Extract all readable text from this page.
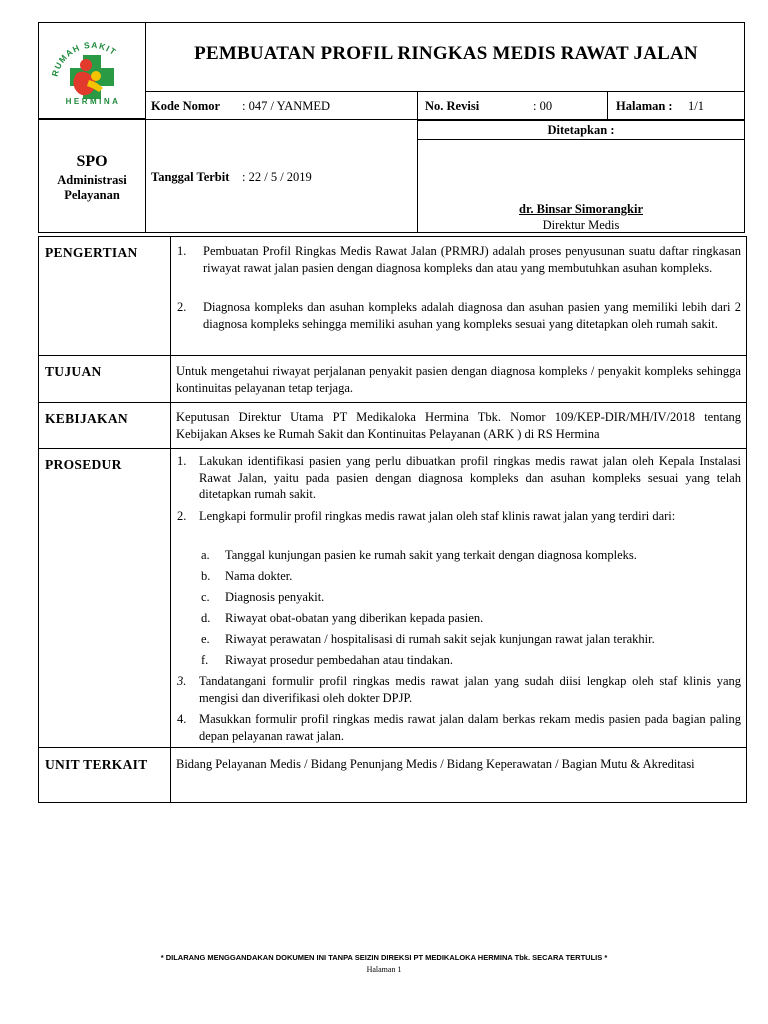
RUMAH SAKIT
HERMINA
PEMBUATAN PROFIL RINGKAS MEDIS RAWAT JALAN
Kode Nomor : 047 / YANMED	No. Revisi	: 00	Halaman : 1/1
SPO
Administrasi
Pelayanan
Tanggal Terbit : 22 / 5 / 2019
Ditetapkan :
dr. Binsar Simorangkir
Direktur Medis
PENGERTIAN	1. Pembuatan Profil Ringkas Medis Rawat Jalan (PRMRJ) adalah proses penyusunan suatu daftar ringkasan riwayat rawat jalan pasien dengan diagnosa kompleks dan atau yang membutuhkan asuhan kompleks.
2. Diagnosa kompleks dan asuhan kompleks adalah diagnosa dan asuhan pasien yang memiliki lebih dari 2 diagnosa kompleks sehingga memiliki asuhan yang kompleks sesuai yang ditetapkan oleh rumah sakit.
TUJUAN	Untuk mengetahui riwayat perjalanan penyakit pasien dengan diagnosa kompleks / penyakit kompleks sehingga kontinuitas pelayanan tetap terjaga.
KEBIJAKAN	Keputusan Direktur Utama PT Medikaloka Hermina Tbk. Nomor 109/KEP-DIR/MH/IV/2018 tentang Kebijakan Akses ke Rumah Sakit dan Kontinuitas Pelayanan (ARK ) di RS Hermina
PROSEDUR	1. Lakukan identifikasi pasien yang perlu dibuatkan profil ringkas medis rawat jalan oleh Kepala Instalasi Rawat Jalan, yaitu pada pasien dengan diagnosa kompleks dan asuhan kompleks sesuai yang telah ditetapkan rumah sakit.
2. Lengkapi formulir profil ringkas medis rawat jalan oleh staf klinis rawat jalan yang terdiri dari:
a. Tanggal kunjungan pasien ke rumah sakit yang terkait dengan diagnosa kompleks.
b. Nama dokter.
c. Diagnosis penyakit.
d. Riwayat obat-obatan yang diberikan kepada pasien.
e. Riwayat perawatan / hospitalisasi di rumah sakit sejak kunjungan rawat jalan terakhir.
f. Riwayat prosedur pembedahan atau tindakan.
3. Tandatangani formulir profil ringkas medis rawat jalan yang sudah diisi lengkap oleh staf klinis yang mengisi dan diverifikasi oleh dokter DPJP.
4. Masukkan formulir profil ringkas medis rawat jalan dalam berkas rekam medis pasien pada bagian paling depan pelayanan rawat jalan.
UNIT TERKAIT Bidang Pelayanan Medis / Bidang Penunjang Medis / Bidang Keperawatan / Bagian Mutu & Akreditasi
* DILARANG MENGGANDAKAN DOKUMEN INI TANPA SEIZIN DIREKSI PT MEDIKALOKA HERMINA Tbk. SECARA TERTULIS *
Halaman 1
